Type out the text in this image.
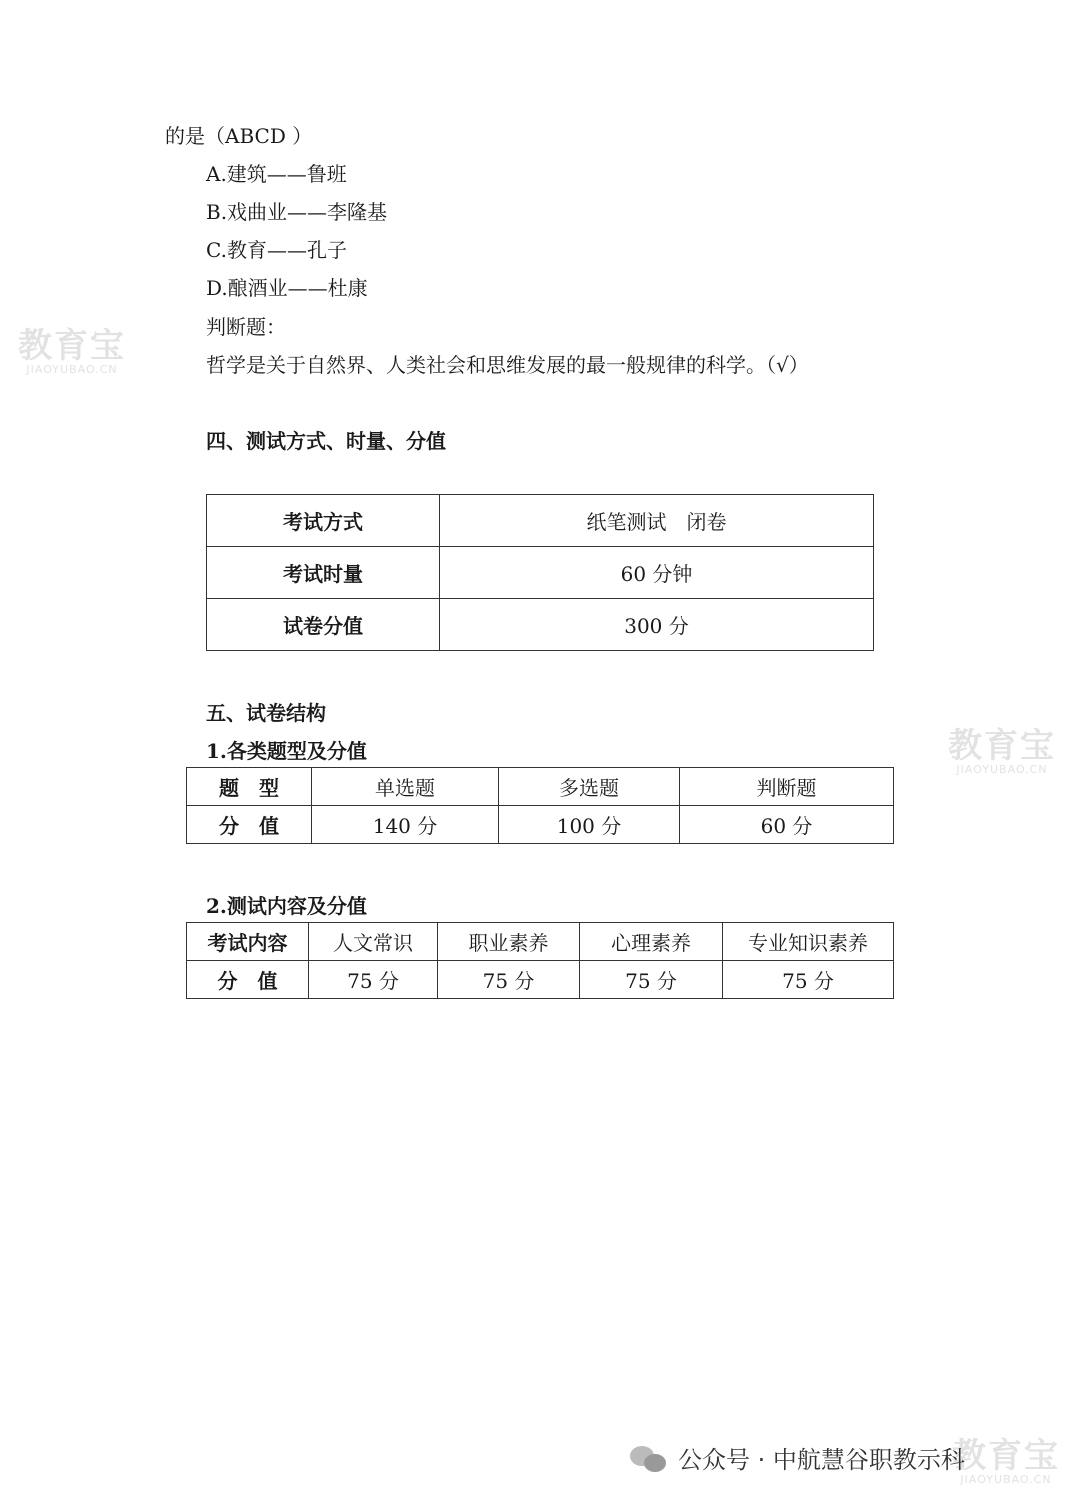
教育宝
JIAOYUBAO.CN
教育宝
JIAOYUBAO.CN
教育宝
JIAOYUBAO.CN
的是（ABCD ）
A.建筑——鲁班
B.戏曲业——李隆基
C.教育——孔子
D.酿酒业——杜康
判断题：
哲学是关于自然界、人类社会和思维发展的最一般规律的科学。（√）
四、测试方式、时量、分值
考试方式	纸笔测试　闭卷
考试时量	60 分钟
试卷分值	300 分
五、试卷结构
1.各类题型及分值
题　型	单选题	多选题	判断题
分　值	140 分	100 分	60 分
2.测试内容及分值
考试内容	人文常识	职业素养	心理素养	专业知识素养
分　值	75 分	75 分	75 分	75 分
公众号 · 中航慧谷职教示科
